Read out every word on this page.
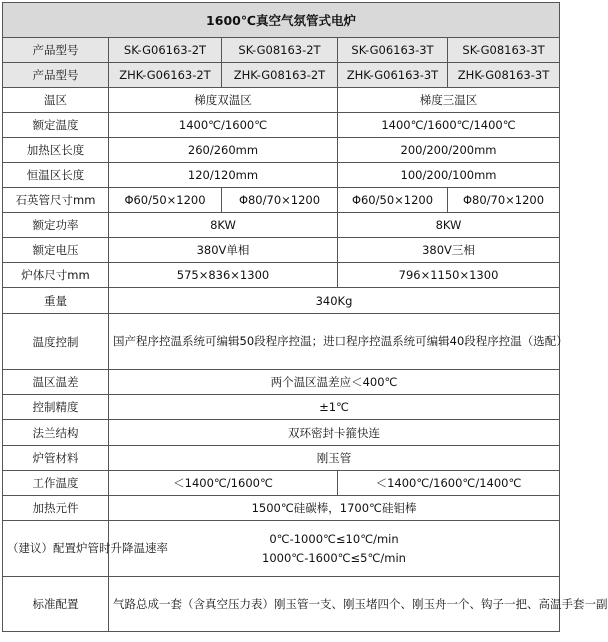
1600℃真空气氛管式电炉				
产品型号	SK-G06163-2T	SK-G08163-2T	SK-G06163-3T	SK-G08163-3T
产品型号	ZHK-G06163-2T	ZHK-G08163-2T	ZHK-G06163-3T	ZHK-G08163-3T
温区	梯度双温区		梯度三温区	
额定温度	1400℃/1600℃		1400℃/1600℃/1400℃	
加热区长度	260/260mm		200/200/200mm	
恒温区长度	120/120mm		100/200/100mm	
石英管尺寸mm	Φ60/50×1200	Φ80/70×1200	Φ60/50×1200	Φ80/70×1200
额定功率	8KW		8KW	
额定电压	380V单相		380V三相	
炉体尺寸mm	575×836×1300		796×1150×1300	
重量	340Kg			
温度控制	国产程序控温系统可编辑50段程序控温；进口程序控温系统可编辑40段程序控温（选配）			
温区温差	两个温区温差应＜400℃			
控制精度	±1℃			
法兰结构	双环密封卡箍快连			
炉管材料	刚玉管			
工作温度	＜1400℃/1600℃		＜1400℃/1600℃/1400℃	
加热元件	1500℃硅碳棒，1700℃硅钼棒			
（建议）配置炉管时升降温速率	0℃-1000℃≤10℃/min
1000℃-1600℃≤5℃/min			

标准配置	气路总成一套（含真空压力表）刚玉管一支、刚玉堵四个、刚玉舟一个、钩子一把、高温手套一副			
